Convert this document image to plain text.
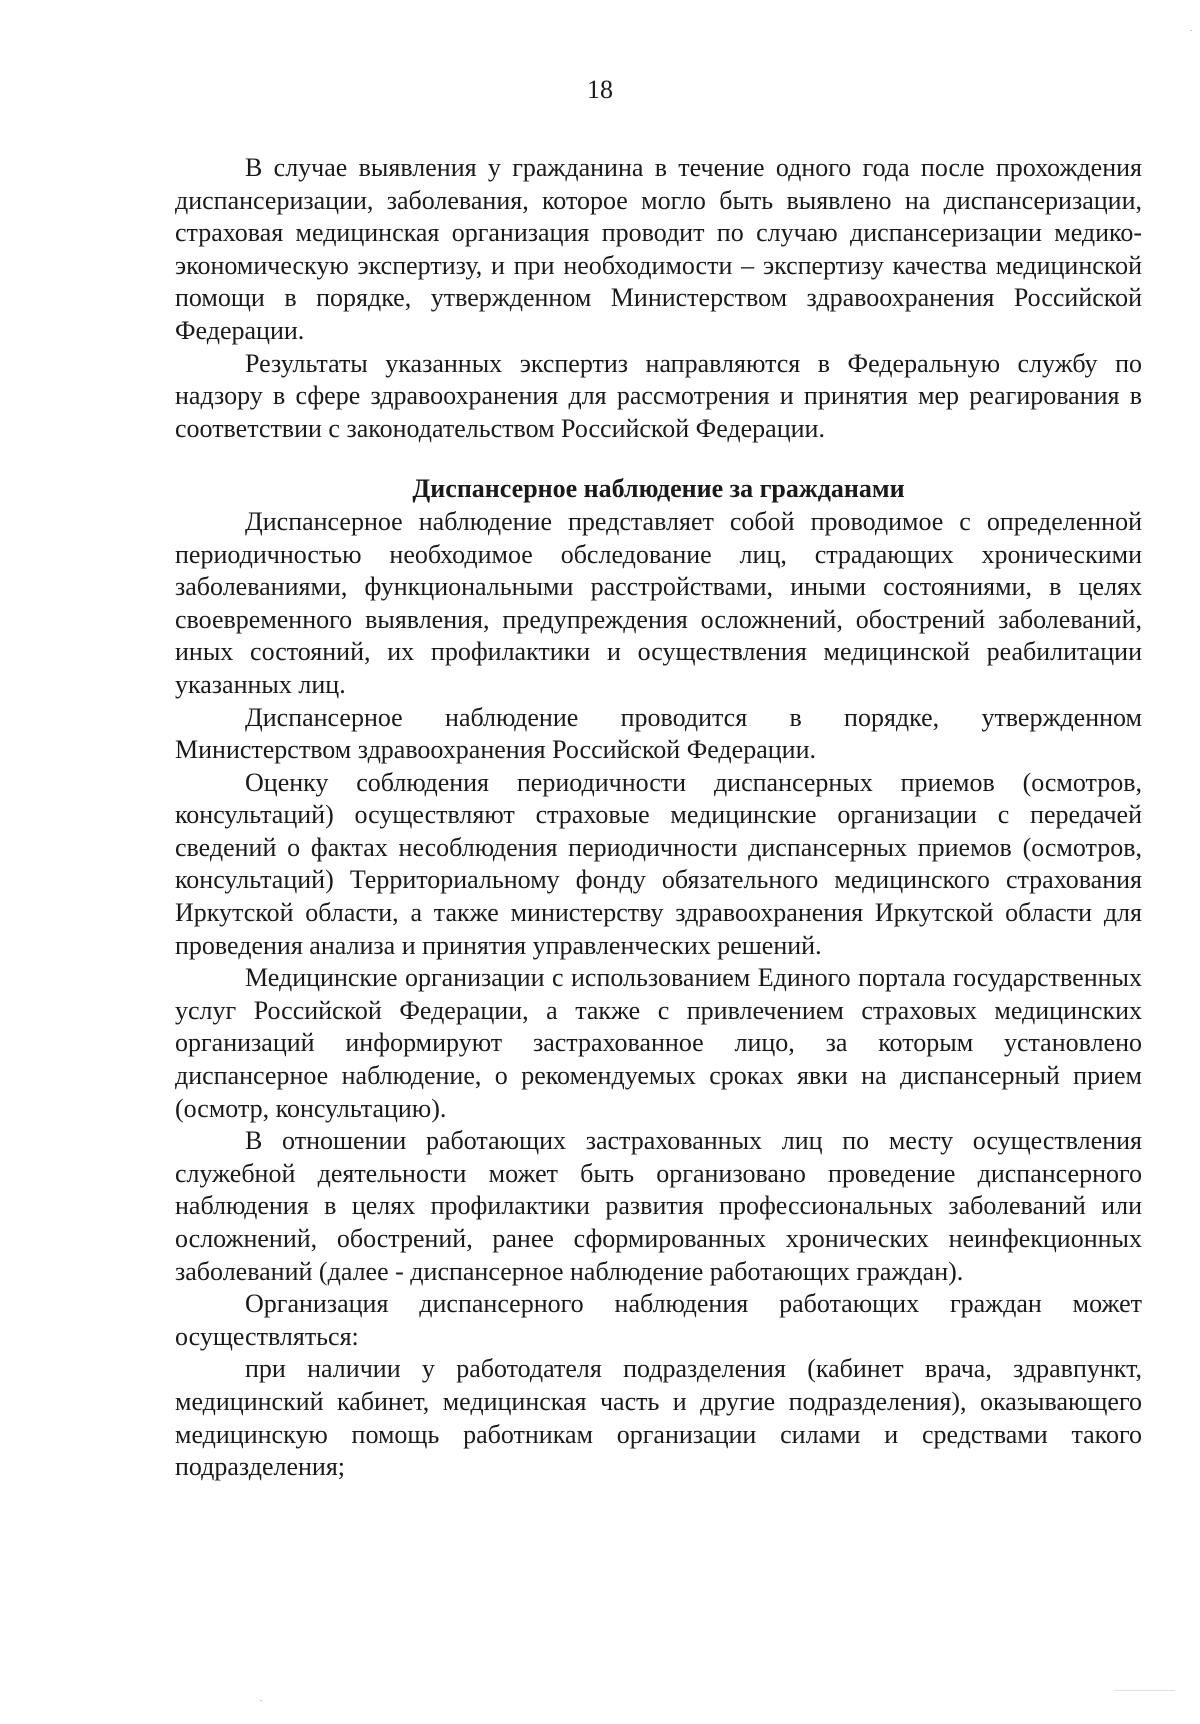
18

В случае выявления у гражданина в течение одного года после прохождения диспансеризации, заболевания, которое могло быть выявлено на диспансеризации, страховая медицинская организация проводит по случаю диспансеризации медико-экономическую экспертизу, и при необходимости – экспертизу качества медицинской помощи в порядке, утвержденном Министерством здравоохранения Российской Федерации.

Результаты указанных экспертиз направляются в Федеральную службу по надзору в сфере здравоохранения для рассмотрения и принятия мер реагирования в соответствии с законодательством Российской Федерации.

Диспансерное наблюдение за гражданами

Диспансерное наблюдение представляет собой проводимое с определенной периодичностью необходимое обследование лиц, страдающих хроническими заболеваниями, функциональными расстройствами, иными состояниями, в целях своевременного выявления, предупреждения осложнений, обострений заболеваний, иных состояний, их профилактики и осуществления медицинской реабилитации указанных лиц.

Диспансерное наблюдение проводится в порядке, утвержденном Министерством здравоохранения Российской Федерации.

Оценку соблюдения периодичности диспансерных приемов (осмотров, консультаций) осуществляют страховые медицинские организации с передачей сведений о фактах несоблюдения периодичности диспансерных приемов (осмотров, консультаций) Территориальному фонду обязательного медицинского страхования Иркутской области, а также министерству здравоохранения Иркутской области для проведения анализа и принятия управленческих решений.

Медицинские организации с использованием Единого портала государственных услуг Российской Федерации, а также с привлечением страховых медицинских организаций информируют застрахованное лицо, за которым установлено диспансерное наблюдение, о рекомендуемых сроках явки на диспансерный прием (осмотр, консультацию).

В отношении работающих застрахованных лиц по месту осуществления служебной деятельности может быть организовано проведение диспансерного наблюдения в целях профилактики развития профессиональных заболеваний или осложнений, обострений, ранее сформированных хронических неинфекционных заболеваний (далее - диспансерное наблюдение работающих граждан).

Организация диспансерного наблюдения работающих граждан может осуществляться:

при наличии у работодателя подразделения (кабинет врача, здравпункт, медицинский кабинет, медицинская часть и другие подразделения), оказывающего медицинскую помощь работникам организации силами и средствами такого подразделения;
